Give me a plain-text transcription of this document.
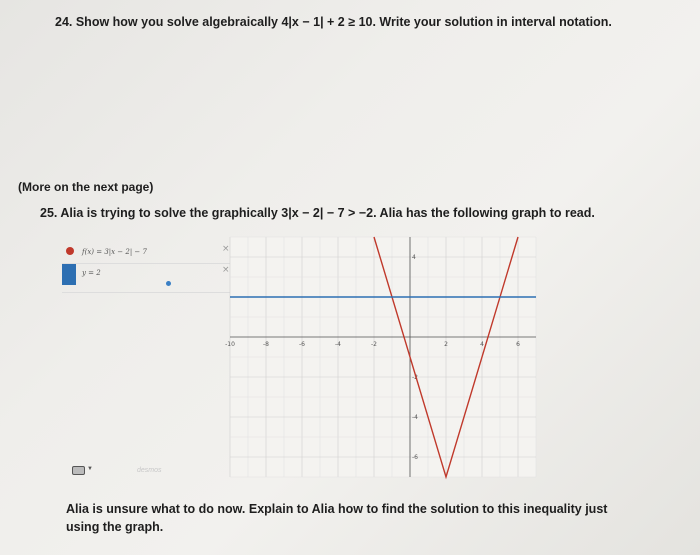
24. Show how you solve algebraically 4|x − 1| + 2 ≥ 10. Write your solution in interval notation.
(More on the next page)
25. Alia is trying to solve the graphically 3|x − 2| − 7 > −2. Alia has the following graph to read.
f(x) = 3|x − 2| − 7	×
y = 2	×
▼	desmos
-10	-8	-6	-4	-2	2	4	6
4
-2
-4
-6
Alia is unsure what to do now. Explain to Alia how to find the solution to this inequality just using the graph.
